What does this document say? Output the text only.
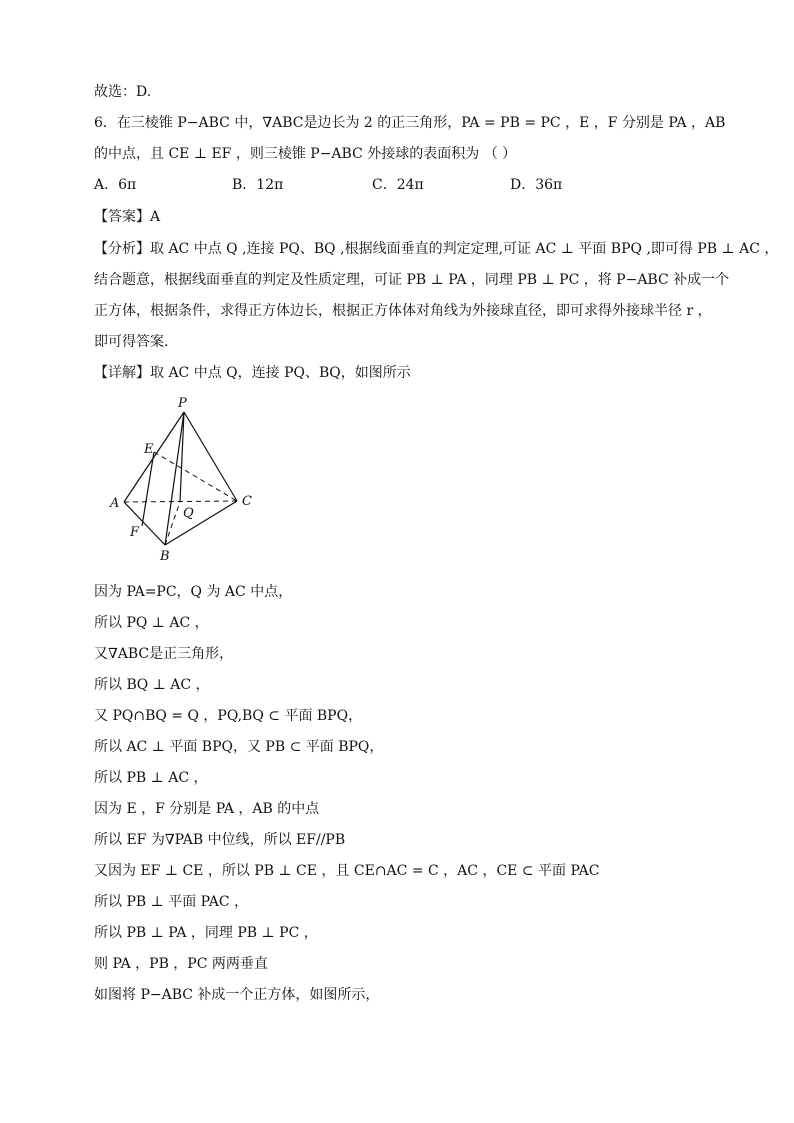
故选：D.
6．在三棱锥 P−ABC 中，∇ABC是边长为 2 的正三角形，PA = PB = PC ，E ，F 分别是 PA ，AB
的中点，且 CE ⊥ EF ，则三棱锥 P−ABC 外接球的表面积为 （ ）
A．6π	B．12π	C．24π	D．36π
【答案】A
【分析】取 AC 中点 Q ,连接 PQ、BQ ,根据线面垂直的判定定理,可证 AC ⊥ 平面 BPQ ,即可得 PB ⊥ AC ，
结合题意，根据线面垂直的判定及性质定理，可证 PB ⊥ PA ，同理 PB ⊥ PC ，将 P−ABC 补成一个
正方体，根据条件，求得正方体边长，根据正方体体对角线为外接球直径，即可求得外接球半径 r ，
即可得答案.
【详解】取 AC 中点 Q，连接 PQ、BQ，如图所示
P
E
A	C
Q
F
B
因为 PA=PC，Q 为 AC 中点，
所以 PQ ⊥ AC ，
又∇ABC是正三角形，
所以 BQ ⊥ AC ，
又 PQ∩BQ = Q ，PQ,BQ ⊂ 平面 BPQ，
所以 AC ⊥ 平面 BPQ，又 PB ⊂ 平面 BPQ，
所以 PB ⊥ AC ，
因为 E ，F 分别是 PA ，AB 的中点
所以 EF 为∇PAB 中位线，所以 EF//PB
又因为 EF ⊥ CE ，所以 PB ⊥ CE ，且 CE∩AC = C ，AC ，CE ⊂ 平面 PAC
所以 PB ⊥ 平面 PAC ，
所以 PB ⊥ PA ，同理 PB ⊥ PC ，
则 PA ，PB ，PC 两两垂直
如图将 P−ABC 补成一个正方体，如图所示，
